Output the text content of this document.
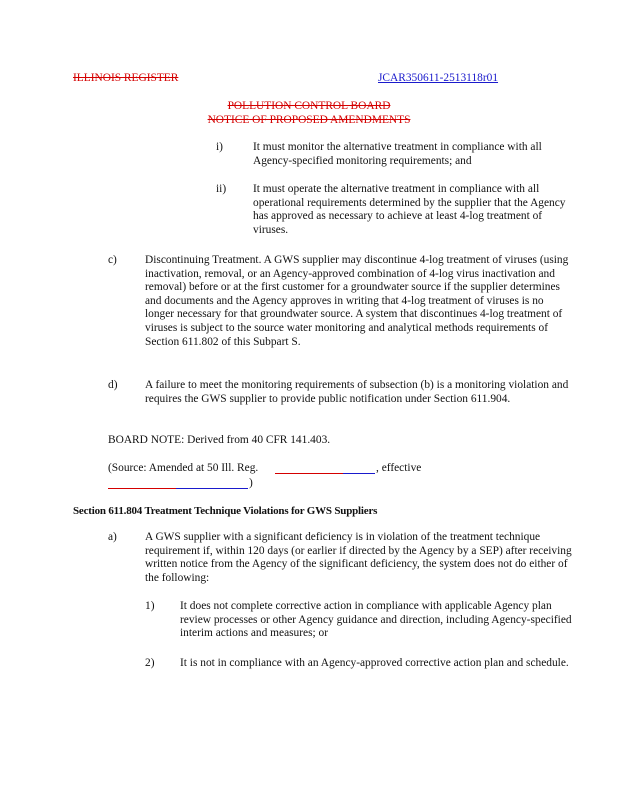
ILLINOIS REGISTER	JCAR350611-2513118r01
POLLUTION CONTROL BOARD
NOTICE OF PROPOSED AMENDMENTS
i)	It must monitor the alternative treatment in compliance with all Agency-specified monitoring requirements; and

ii) It must operate the alternative treatment in compliance with all operational requirements determined by the supplier that the Agency has approved as necessary to achieve at least 4-log treatment of viruses.

c) Discontinuing Treatment. A GWS supplier may discontinue 4-log treatment of viruses (using inactivation, removal, or an Agency-approved combination of 4-log virus inactivation and removal) before or at the first customer for a groundwater source if the supplier determines and documents and the Agency approves in writing that 4-log treatment of viruses is no longer necessary for that groundwater source. A system that discontinues 4-log treatment of viruses is subject to the source water monitoring and analytical methods requirements of Section 611.802 of this Subpart S.

d) A failure to meet the monitoring requirements of subsection (b) is a monitoring violation and requires the GWS supplier to provide public notification under Section 611.904.

BOARD NOTE: Derived from 40 CFR 141.403.
(Source: Amended at 50 Ill. Reg.	, effective
)
Section 611.804 Treatment Technique Violations for GWS Suppliers
a) A GWS supplier with a significant deficiency is in violation of the treatment technique requirement if, within 120 days (or earlier if directed by the Agency by a SEP) after receiving written notice from the Agency of the significant deficiency, the system does not do either of the following:

1) It does not complete corrective action in compliance with applicable Agency plan review processes or other Agency guidance and direction, including Agency-specified interim actions and measures; or

2) It is not in compliance with an Agency-approved corrective action plan and schedule.
